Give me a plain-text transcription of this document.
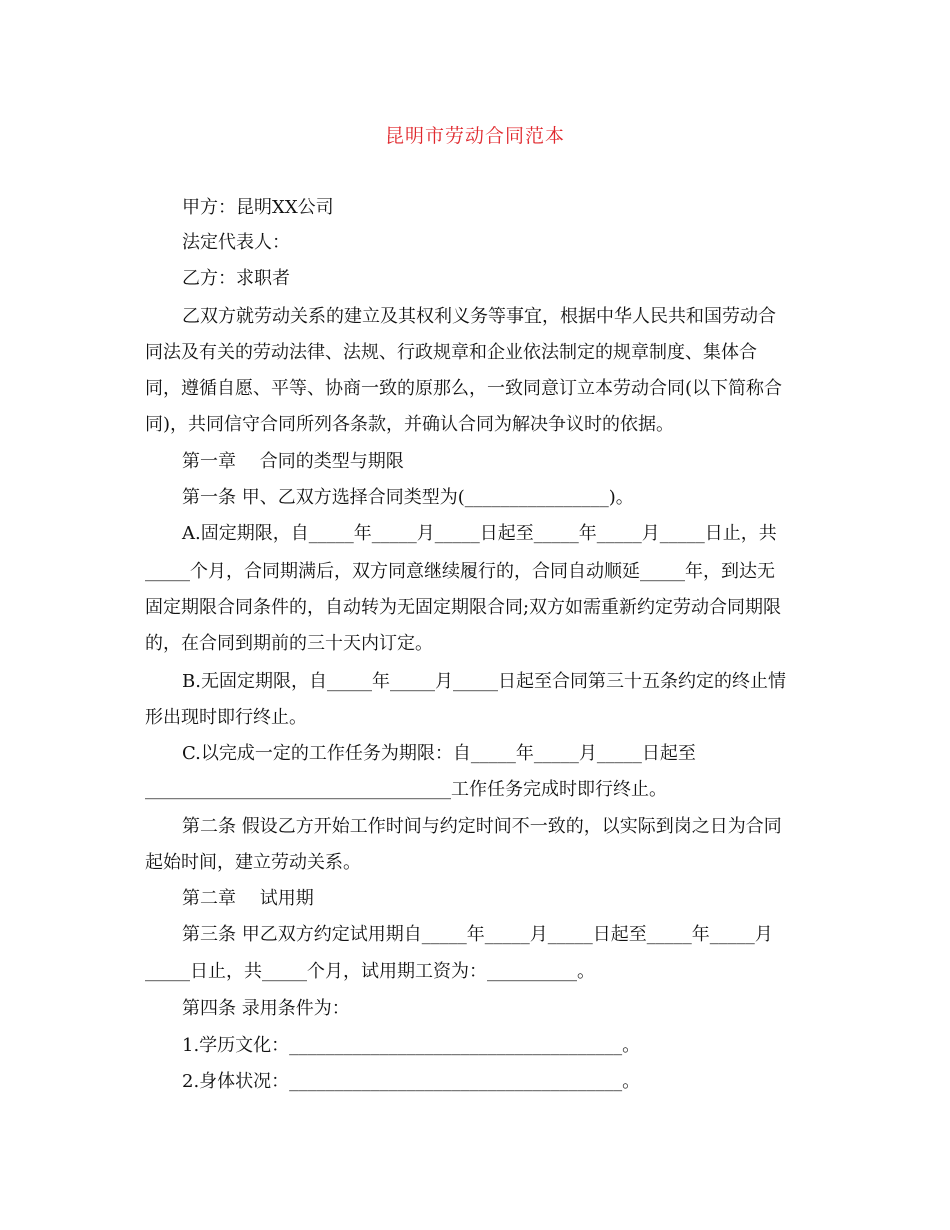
昆明市劳动合同范本
甲方：昆明XX公司
法定代表人：
乙方：求职者
乙双方就劳动关系的建立及其权利义务等事宜，根据中华人民共和国劳动合
同法及有关的劳动法律、法规、行政规章和企业依法制定的规章制度、集体合
同，遵循自愿、平等、协商一致的原那么，一致同意订立本劳动合同(以下简称合
同)，共同信守合同所列各条款，并确认合同为解决争议时的依据。
第一章　 合同的类型与期限
第一条 甲、乙双方选择合同类型为(________________)。
A.固定期限，自_____年_____月_____日起至_____年_____月_____日止，共
_____个月，合同期满后，双方同意继续履行的，合同自动顺延_____年，到达无
固定期限合同条件的，自动转为无固定期限合同;双方如需重新约定劳动合同期限
的，在合同到期前的三十天内订定。
B.无固定期限，自_____年_____月_____日起至合同第三十五条约定的终止情
形出现时即行终止。
C.以完成一定的工作任务为期限：自_____年_____月_____日起至
__________________________________工作任务完成时即行终止。
第二条 假设乙方开始工作时间与约定时间不一致的，以实际到岗之日为合同
起始时间，建立劳动关系。
第二章　 试用期
第三条 甲乙双方约定试用期自_____年_____月_____日起至_____年_____月
_____日止，共_____个月，试用期工资为：__________。
第四条 录用条件为：
1.学历文化：_____________________________________。
2.身体状况：_____________________________________。
